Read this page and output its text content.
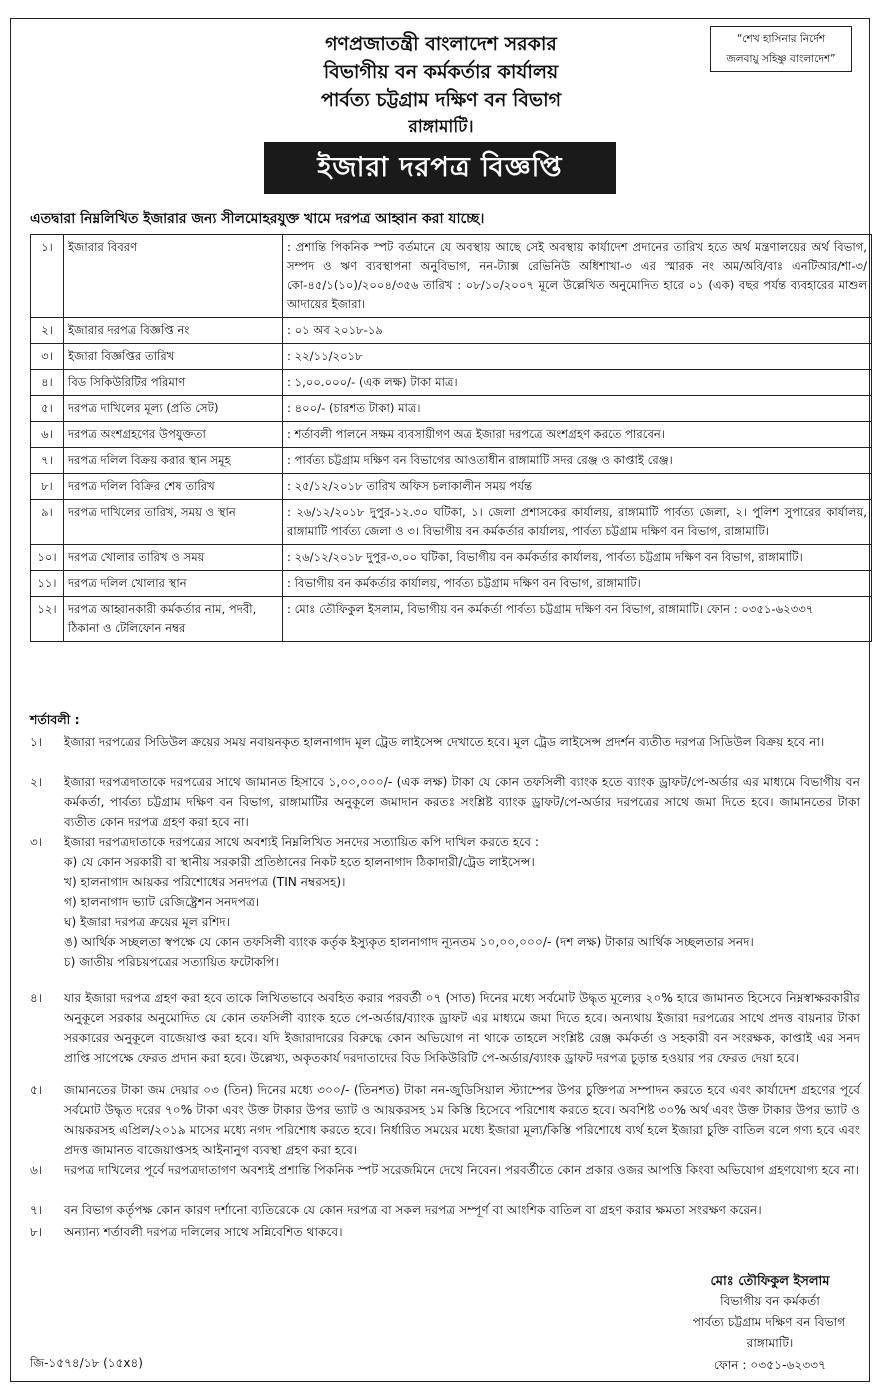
গণপ্রজাতন্ত্রী বাংলাদেশ সরকার
বিভাগীয় বন কর্মকর্তার কার্যালয়
পার্বত্য চট্টগ্রাম দক্ষিণ বন বিভাগ
রাঙ্গামাটি।
“শেখ হাসিনার নির্দেশ
জলবায়ু সহিষ্ণু বাংলাদেশ”
ইজারা দরপত্র বিজ্ঞপ্তি
এতদ্বারা নিম্নলিখিত ইজারার জন্য সীলমোহরযুক্ত খামে দরপত্র আহ্বান করা যাচ্ছে।
১।	ইজারার বিবরণ	: প্রশান্তি পিকনিক স্পট বর্তমানে যে অবস্থায় আছে সেই অবস্থায় কার্যাদেশ প্রদানের তারিখ হতে অর্থ মন্ত্রণালয়ের অর্থ বিভাগ, সম্পদ ও ঋণ ব্যবস্থাপনা অনুবিভাগ, নন-ট্যাক্স রেভিনিউ অধিশাখা-৩ এর স্মারক নং অম/অবি/বাঃ এনটিআর/শা-৩/কো-৪৫/১(১০)/২০০৪/৩৫৬ তারিখ : ০৮/১০/২০০৭ মূলে উল্লেখিত অনুমোদিত হারে ০১ (এক) বছর পর্যন্ত ব্যবহারের মাশুল আদায়ের ইজারা।
২।	ইজারার দরপত্র বিজ্ঞপ্তি নং	: ০১ অব ২০১৮-১৯
৩।	ইজারা বিজ্ঞপ্তির তারিখ	: ২২/১১/২০১৮
৪।	বিড সিকিউরিটির পরিমাণ	: ১,০০.০০০/- (এক লক্ষ) টাকা মাত্র।
৫।	দরপত্র দাখিলের মূল্য (প্রতি সেট)	: ৪০০/- (চারশত টাকা) মাত্র।
৬।	দরপত্র অংশগ্রহণের উপযুক্ততা	: শর্তাবলী পালনে সক্ষম ব্যবসায়ীগণ অত্র ইজারা দরপত্রে অংশগ্রহণ করতে পারবেন।
৭।	দরপত্র দলিল বিক্রয় করার স্থান সমূহ	: পার্বত্য চট্টগ্রাম দক্ষিণ বন বিভাগের আওতাধীন রাঙ্গামাটি সদর রেঞ্জ ও কাপ্তাই রেঞ্জ।
৮।	দরপত্র দলিল বিক্রির শেষ তারিখ	: ২৫/১২/২০১৮ তারিখ অফিস চলাকালীন সময় পর্যন্ত
৯।	দরপত্র দাখিলের তারিখ, সময় ও স্থান	: ২৬/১২/২০১৮ দুপুর-১২.৩০ ঘটিকা, ১। জেলা প্রশাসকের কার্যালয়, রাঙ্গামাটি পার্বত্য জেলা, ২। পুলিশ সুপারের কার্যালয়, রাঙ্গামাটি পার্বত্য জেলা ও ৩। বিভাগীয় বন কর্মকর্তার কার্যালয়, পার্বত্য চট্টগ্রাম দক্ষিণ বন বিভাগ, রাঙ্গামাটি।
১০।	দরপত্র খোলার তারিখ ও সময়	: ২৬/১২/২০১৮ দুপুর-৩.০০ ঘটিকা, বিভাগীয় বন কর্মকর্তার কার্যালয়, পার্বত্য চট্টগ্রাম দক্ষিণ বন বিভাগ, রাঙ্গামাটি।
১১।	দরপত্র দলিল খোলার স্থান	: বিভাগীয় বন কর্মকর্তার কার্যালয়, পার্বত্য চট্টগ্রাম দক্ষিণ বন বিভাগ, রাঙ্গামাটি।
১২।	দরপত্র আহ্বানকারী কর্মকর্তার নাম, পদবী, ঠিকানা ও টেলিফোন নম্বর	: মোঃ তৌফিকুল ইসলাম, বিভাগীয় বন কর্মকর্তা পার্বত্য চট্টগ্রাম দক্ষিণ বন বিভাগ, রাঙ্গামাটি। ফোন : ০৩৫১-৬২৩৩৭
শর্তাবলী :
১।	ইজারা দরপত্রের সিডিউল ক্রয়ের সময় নবায়নকৃত হালনাগাদ মূল ট্রেড লাইসেন্স দেখাতে হবে। মূল ট্রেড লাইসেন্স প্রদর্শন ব্যতীত দরপত্র সিডিউল বিক্রয় হবে না।
২।	ইজারা দরপত্রদাতাকে দরপত্রের সাথে জামানত হিসাবে ১,০০,০০০/- (এক লক্ষ) টাকা যে কোন তফসিলী ব্যাংক হতে ব্যাংক ড্রাফট/পে-অর্ডার এর মাধ্যমে বিভাগীয় বন কর্মকর্তা, পার্বত্য চট্টগ্রাম দক্ষিণ বন বিভাগ, রাঙ্গামাটির অনুকূলে জমাদান করতঃ সংশ্লিষ্ট ব্যাংক ড্রাফট/পে-অর্ডার দরপত্রের সাথে জমা দিতে হবে। জামানতের টাকা ব্যতীত কোন দরপত্র গ্রহণ করা হবে না।
৩।	ইজারা দরপত্রদাতাকে দরপত্রের সাথে অবশ্যই নিম্নলিখিত সনদের সত্যায়িত কপি দাখিল করতে হবে :
ক) যে কোন সরকারী বা স্থানীয় সরকারী প্রতিষ্ঠানের নিকট হতে হালনাগাদ ঠিকাদারী/ট্রেড লাইসেন্স।
খ) হালনাগাদ আয়কর পরিশোধের সনদপত্র (TIN নম্বরসহ)।
গ) হালনাগাদ ভ্যাট রেজিষ্ট্রেশন সনদপত্র।
ঘ) ইজারা দরপত্র ক্রয়ের মূল রশিদ।
ঙ) আর্থিক সচ্ছলতা স্বপক্ষে যে কোন তফসিলী ব্যাংক কর্তৃক ইস্যুকৃত হালনাগাদ ন্যূনতম ১০,০০,০০০/- (দশ লক্ষ) টাকার আর্থিক সচ্ছলতার সনদ।
চ) জাতীয় পরিচয়পত্রের সত্যায়িত ফটোকপি।
৪।	যার ইজারা দরপত্র গ্রহণ করা হবে তাকে লিখিতভাবে অবহিত করার পরবর্তী ০৭ (সাত) দিনের মধ্যে সর্বমোট উদ্ধৃত মূল্যের ২০% হারে জামানত হিসেবে নিম্নস্বাক্ষরকারীর অনুকূলে সরকার অনুমোদিত যে কোন তফসিলী ব্যাংক হতে পে-অর্ডার/ব্যাংক ড্রাফট এর মাধ্যমে জমা দিতে হবে। অন্যথায় ইজারা দরপত্রের সাথে প্রদত্ত বায়নার টাকা সরকারের অনুকূলে বাজেয়াপ্ত করা হবে। যদি ইজারাদারের বিরুদ্ধে কোন অভিযোগ না থাকে তাহলে সংশ্লিষ্ট রেঞ্জ কর্মকর্তা ও সহকারী বন সংরক্ষক, কাপ্তাই এর সনদ প্রাপ্তি সাপেক্ষে ফেরত প্রদান করা হবে। উল্লেখ্য, অকৃতকার্য দরদাতাদের বিড সিকিউরিটি পে-অর্ডার/ব্যাংক ড্রাফট দরপত্র চূড়ান্ত হওয়ার পর ফেরত দেয়া হবে।
৫।	জামানতের টাকা জম দেয়ার ০৩ (তিন) দিনের মধ্যে ৩০০/- (তিনশত) টাকা নন-জুডিসিয়াল স্ট্যাম্পের উপর চুক্তিপত্র সম্পাদন করতে হবে এবং কার্যাদেশ গ্রহণের পূর্বে সর্বমোট উদ্ধৃত দরের ৭০% টাকা এবং উক্ত টাকার উপর ভ্যাট ও আয়করসহ ১ম কিস্তি হিসেবে পরিশোধ করতে হবে। অবশিষ্ট ৩০% অর্থ এবং উক্ত টাকার উপর ভ্যাট ও আয়করসহ এপ্রিল/২০১৯ মাসের মধ্যে নগদ পরিশোধ করতে হবে। নির্ধারিত সময়ের মধ্যে ইজারা মূল্য/কিস্তি পরিশোধে ব্যর্থ হলে ইজারা চুক্তি বাতিল বলে গণ্য হবে এবং প্রদত্ত জামানত বাজেয়াপ্তসহ আইনানুগ ব্যবস্থা গ্রহণ করা হবে।
৬।	দরপত্র দাখিলের পূর্বে দরপত্রদাতাগণ অবশ্যই প্রশান্তি পিকনিক স্পট সরেজমিনে দেখে নিবেন। পরবর্তীতে কোন প্রকার ওজর আপত্তি কিংবা অভিযোগ গ্রহণযোগ্য হবে না।
৭।	বন বিভাগ কর্তৃপক্ষ কোন কারণ দর্শানো ব্যতিরেকে যে কোন দরপত্র বা সকল দরপত্র সম্পূর্ণ বা আংশিক বাতিল বা গ্রহণ করার ক্ষমতা সংরক্ষণ করেন।
৮।	অন্যান্য শর্তাবলী দরপত্র দলিলের সাথে সন্নিবেশিত থাকবে।
মোঃ তৌফিকুল ইসলাম
বিভাগীয় বন কর্মকর্তা
পার্বত্য চট্টগ্রাম দক্ষিণ বন বিভাগ
রাঙ্গামাটি।
ফোন : ০৩৫১-৬২৩৩৭
জি-১৫৭৪/১৮ (১৫x৪)
